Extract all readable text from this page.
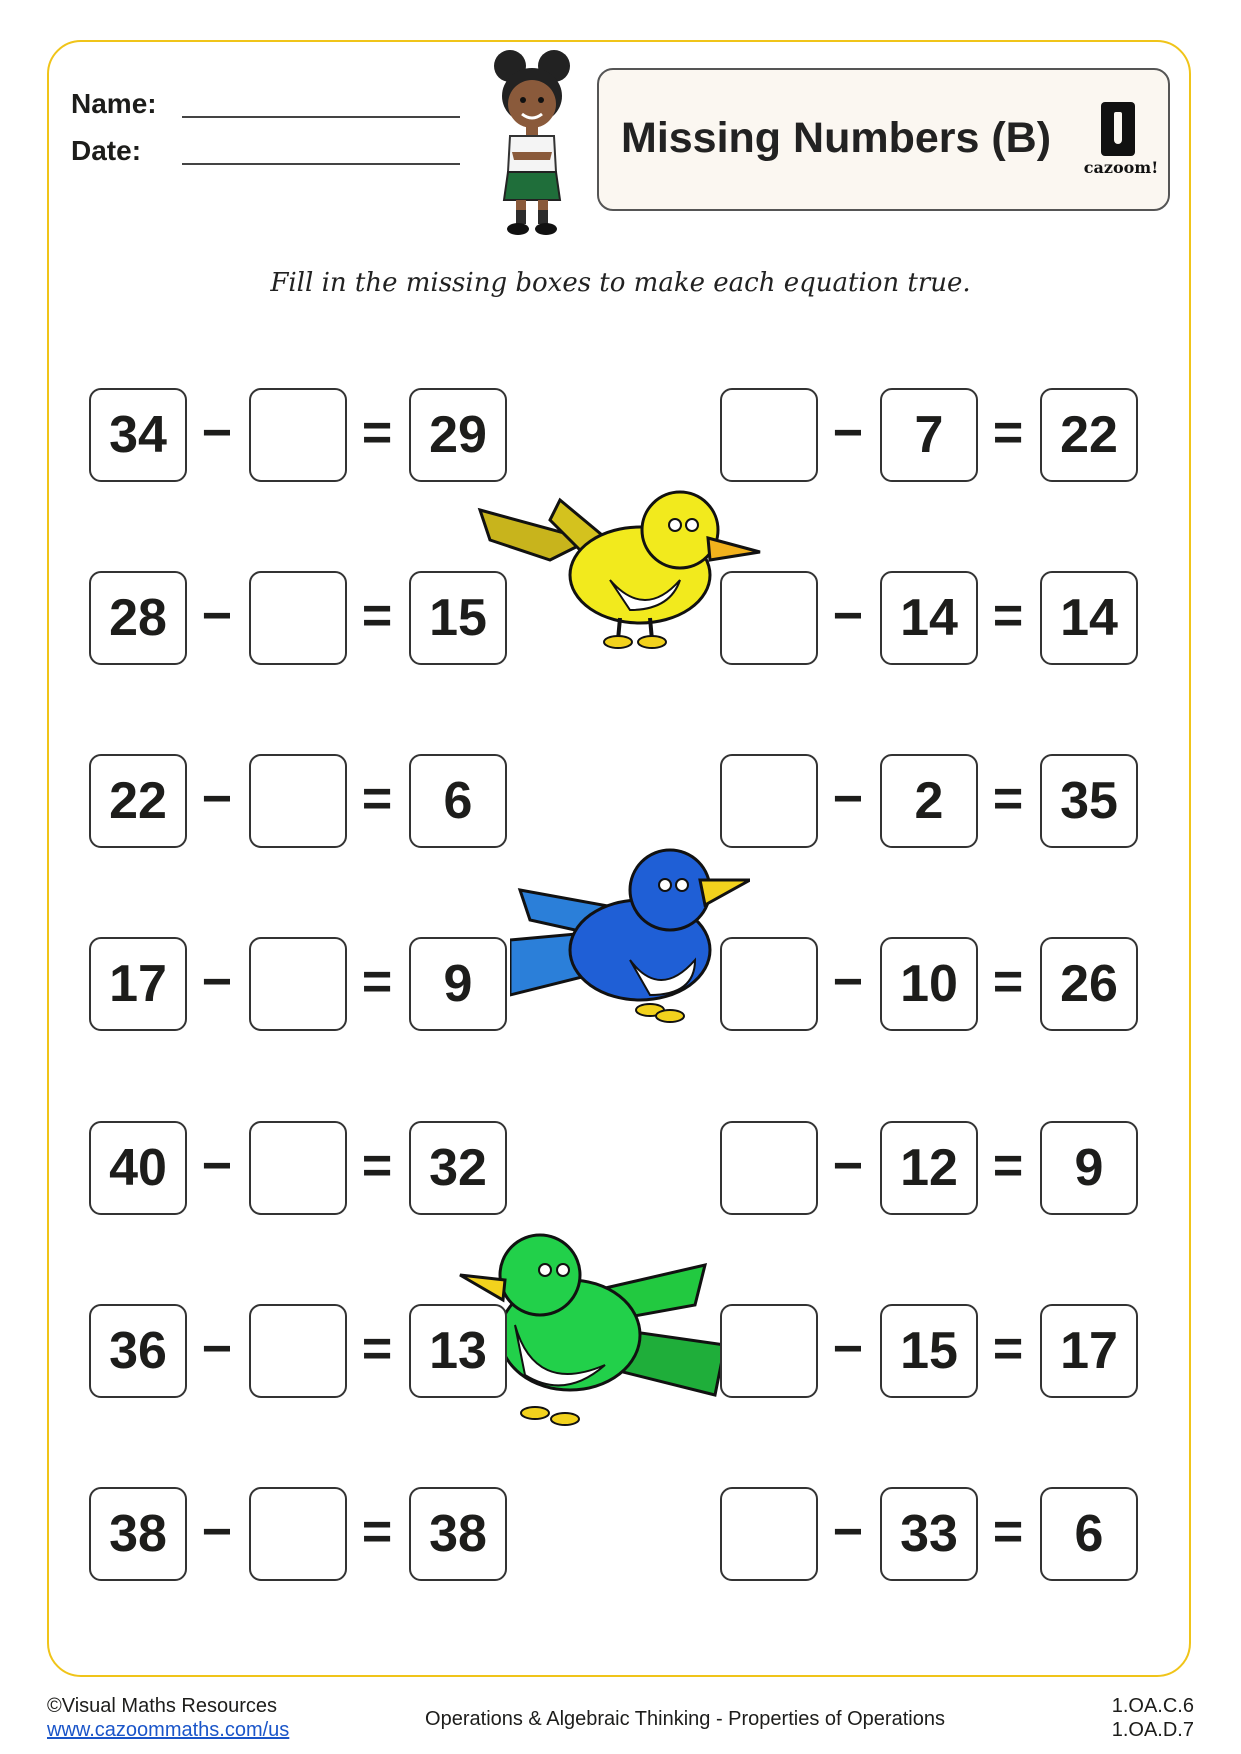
Name:
Date:	Missing Numbers (B)
cazoom!
Fill in the missing boxes to make each equation true.
34 − = 29
28 − = 15
22 − = 6
17 − = 9
40 − = 32
36 − = 13
38 − = 38
− 7 = 22
− 14 = 14
− 2 = 35
− 10 = 26
− 12 = 9
− 15 = 17
− 33 = 6
©Visual Maths Resources
www.cazoommaths.com/us	Operations & Algebraic Thinking - Properties of Operations
1.OA.C.6
1.OA.D.7
